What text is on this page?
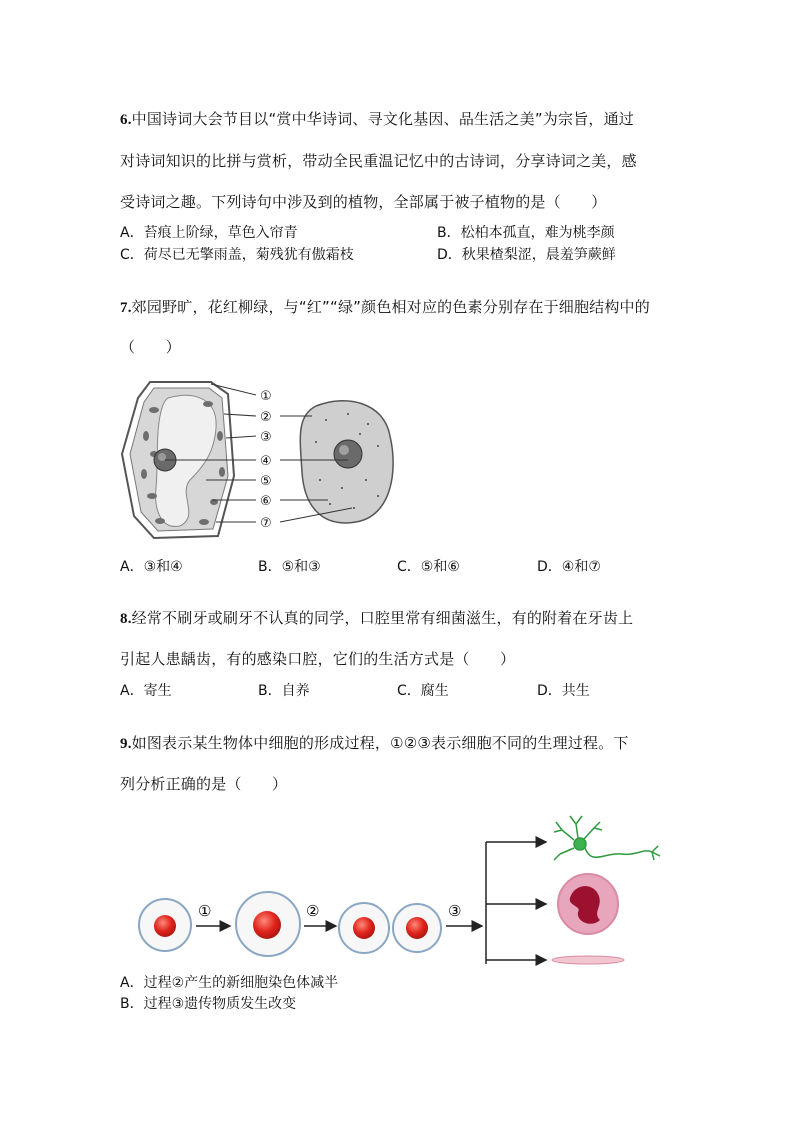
6.中国诗词大会节目以“赏中华诗词、寻文化基因、品生活之美”为宗旨，通过
对诗词知识的比拼与赏析，带动全民重温记忆中的古诗词，分享诗词之美，感
受诗词之趣。下列诗句中涉及到的植物，全部属于被子植物的是（　　）
A．苔痕上阶绿，草色入帘青	B．松柏本孤直，难为桃李颜
C．荷尽已无擎雨盖，菊残犹有傲霜枝	D．秋果楂梨涩，晨羞笋蕨鲜
7.郊园野旷，花红柳绿，与“红”“绿”颜色相对应的色素分别存在于细胞结构中的
（　　）
①
②
③
④
⑤
⑥
⑦
A．③和④	B．⑤和③	C．⑤和⑥	D．④和⑦
8.经常不刷牙或刷牙不认真的同学，口腔里常有细菌滋生，有的附着在牙齿上
引起人患龋齿，有的感染口腔，它们的生活方式是（　　）
A．寄生	B．自养	C．腐生	D．共生
9.如图表示某生物体中细胞的形成过程，①②③表示细胞不同的生理过程。下
列分析正确的是（　　）
①	②	③
A．过程②产生的新细胞染色体减半
B．过程③遗传物质发生改变
